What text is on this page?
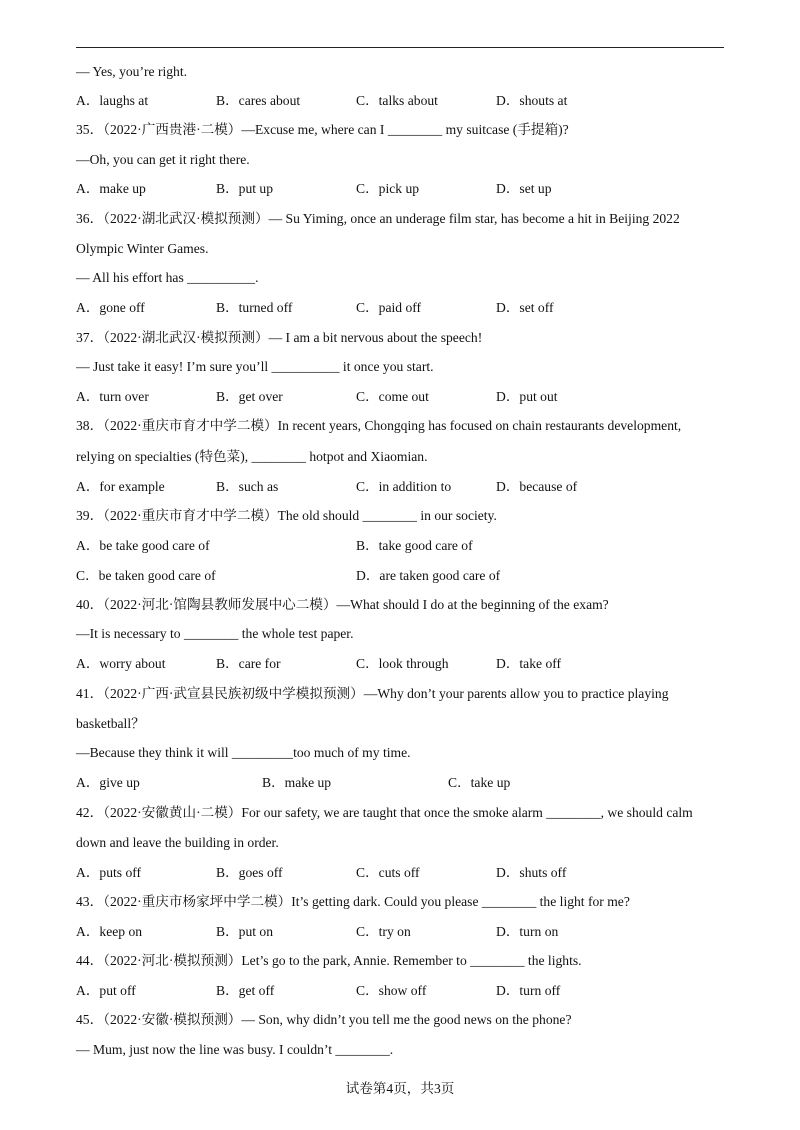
— Yes, you’re right.
A．laughs at	B．cares about	C．talks about	D．shouts at
35．（2022·广西贵港·二模）—Excuse me, where can I ________ my suitcase (手提箱)?
—Oh, you can get it right there.
A．make up	B．put up	C．pick up	D．set up
36．（2022·湖北武汉·模拟预测）— Su Yiming, once an underage film star, has become a hit in Beijing 2022
Olympic Winter Games.
— All his effort has __________.
A．gone off	B．turned off	C．paid off	D．set off
37．（2022·湖北武汉·模拟预测）— I am a bit nervous about the speech!
— Just take it easy! I’m sure you’ll __________ it once you start.
A．turn over	B．get over	C．come out	D．put out
38．（2022·重庆市育才中学二模）In recent years, Chongqing has focused on chain restaurants development,
relying on specialties (特色菜), ________ hotpot and Xiaomian.
A．for example	B．such as	C．in addition to	D．because of
39．（2022·重庆市育才中学二模）The old should ________ in our society.
A．be take good care of	B．take good care of
C．be taken good care of	D．are taken good care of
40．（2022·河北·馆陶县教师发展中心二模）—What should I do at the beginning of the exam?
—It is necessary to ________ the whole test paper.
A．worry about	B．care for	C．look through	D．take off
41．（2022·广西·武宣县民族初级中学模拟预测）—Why don’t your parents allow you to practice playing
basketball？
—Because they think it will _________too much of my time.
A．give up	B．make up	C．take up
42．（2022·安徽黄山·二模）For our safety, we are taught that once the smoke alarm ________, we should calm
down and leave the building in order.
A．puts off	B．goes off	C．cuts off	D．shuts off
43．（2022·重庆市杨家坪中学二模）It’s getting dark. Could you please ________ the light for me?
A．keep on	B．put on	C．try on	D．turn on
44．（2022·河北·模拟预测）Let’s go to the park, Annie. Remember to ________ the lights.
A．put off	B．get off	C．show off	D．turn off
45．（2022·安徽·模拟预测）— Son, why didn’t you tell me the good news on the phone?
— Mum, just now the line was busy. I couldn’t ________.
试卷第4页，共3页
